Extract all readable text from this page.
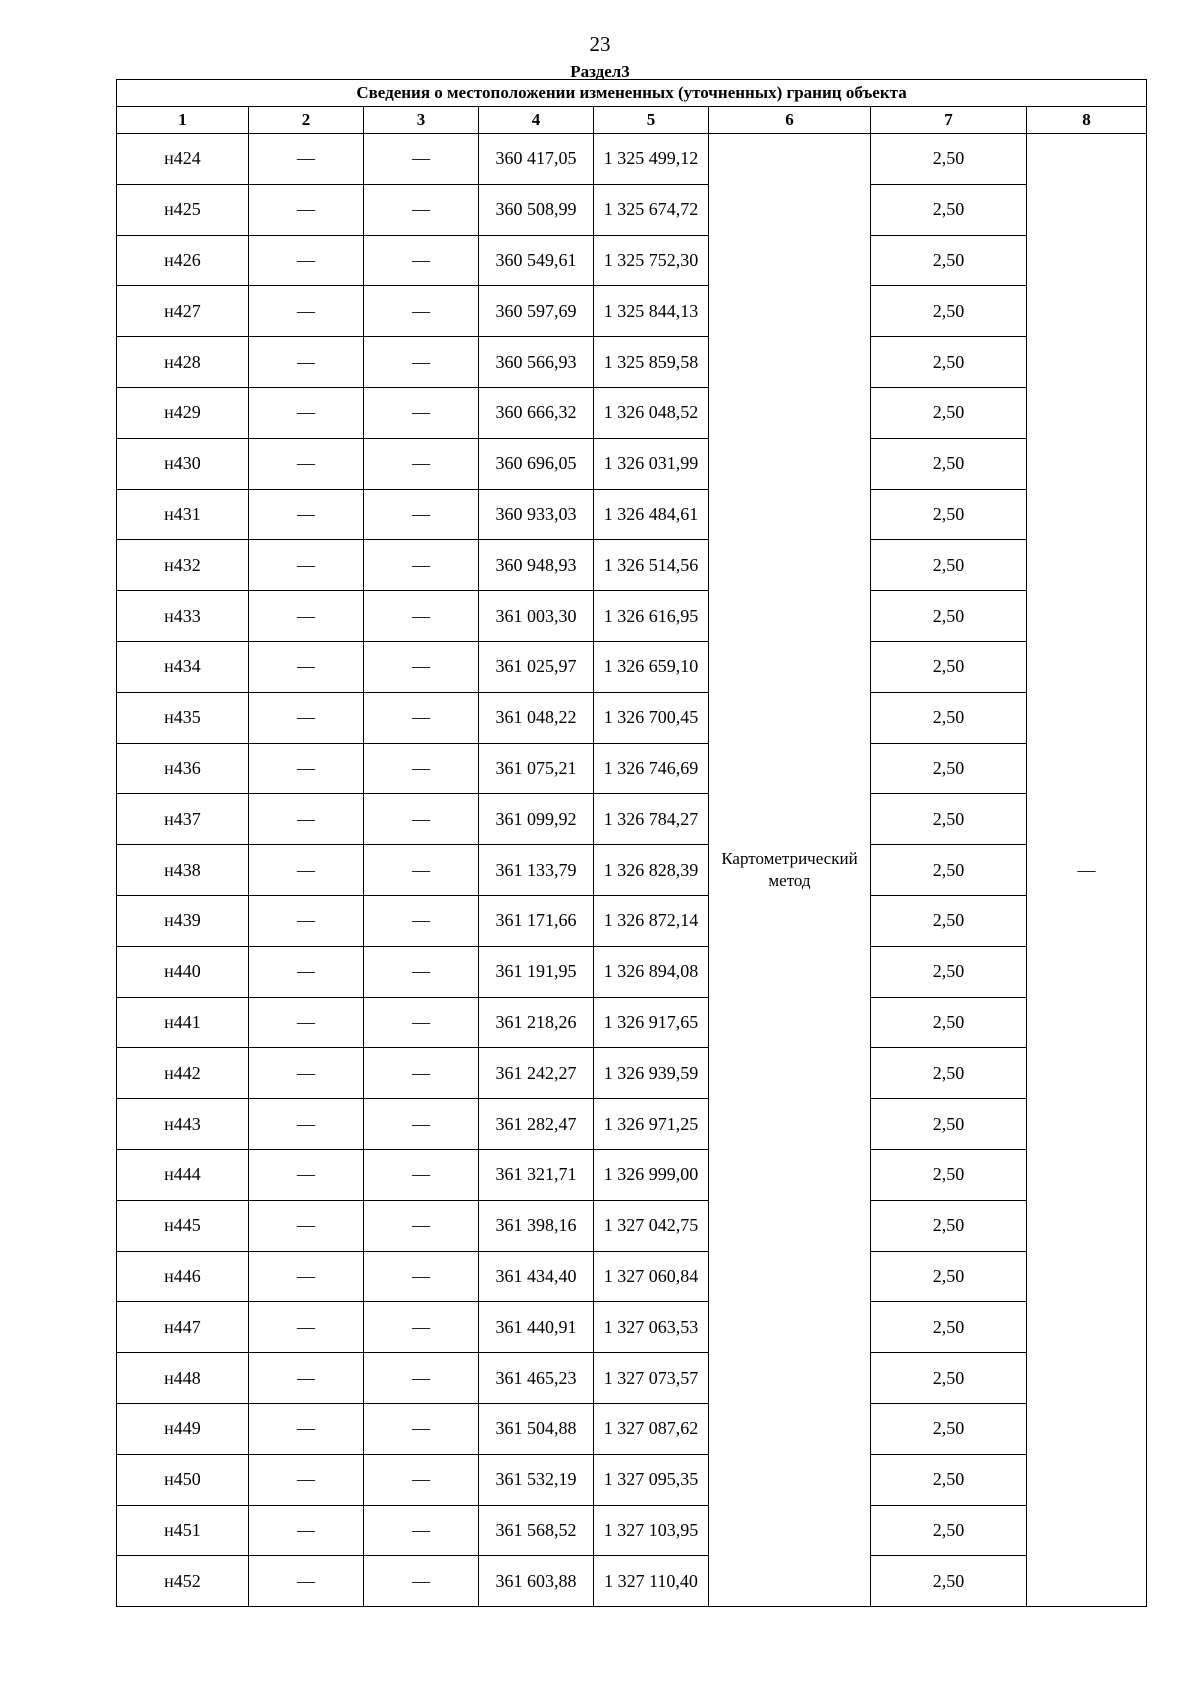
23
Раздел3
Сведения о местоположении измененных (уточненных) границ объекта							
1	2	3	4	5	6	7	8
н424	—	—	360 417,05	1 325 499,12	Картометрический метод	2,50	—
н425	—	—	360 508,99	1 325 674,72		2,50	
н426	—	—	360 549,61	1 325 752,30		2,50	
н427	—	—	360 597,69	1 325 844,13		2,50	
н428	—	—	360 566,93	1 325 859,58		2,50	
н429	—	—	360 666,32	1 326 048,52		2,50	
н430	—	—	360 696,05	1 326 031,99		2,50	
н431	—	—	360 933,03	1 326 484,61		2,50	
н432	—	—	360 948,93	1 326 514,56		2,50	
н433	—	—	361 003,30	1 326 616,95		2,50	
н434	—	—	361 025,97	1 326 659,10		2,50	
н435	—	—	361 048,22	1 326 700,45		2,50	
н436	—	—	361 075,21	1 326 746,69		2,50	
н437	—	—	361 099,92	1 326 784,27		2,50	
н438	—	—	361 133,79	1 326 828,39		2,50	
н439	—	—	361 171,66	1 326 872,14		2,50	
н440	—	—	361 191,95	1 326 894,08		2,50	
н441	—	—	361 218,26	1 326 917,65		2,50	
н442	—	—	361 242,27	1 326 939,59		2,50	
н443	—	—	361 282,47	1 326 971,25		2,50	
н444	—	—	361 321,71	1 326 999,00		2,50	
н445	—	—	361 398,16	1 327 042,75		2,50	
н446	—	—	361 434,40	1 327 060,84		2,50	
н447	—	—	361 440,91	1 327 063,53		2,50	
н448	—	—	361 465,23	1 327 073,57		2,50	
н449	—	—	361 504,88	1 327 087,62		2,50	
н450	—	—	361 532,19	1 327 095,35		2,50	
н451	—	—	361 568,52	1 327 103,95		2,50	
н452	—	—	361 603,88	1 327 110,40		2,50	
